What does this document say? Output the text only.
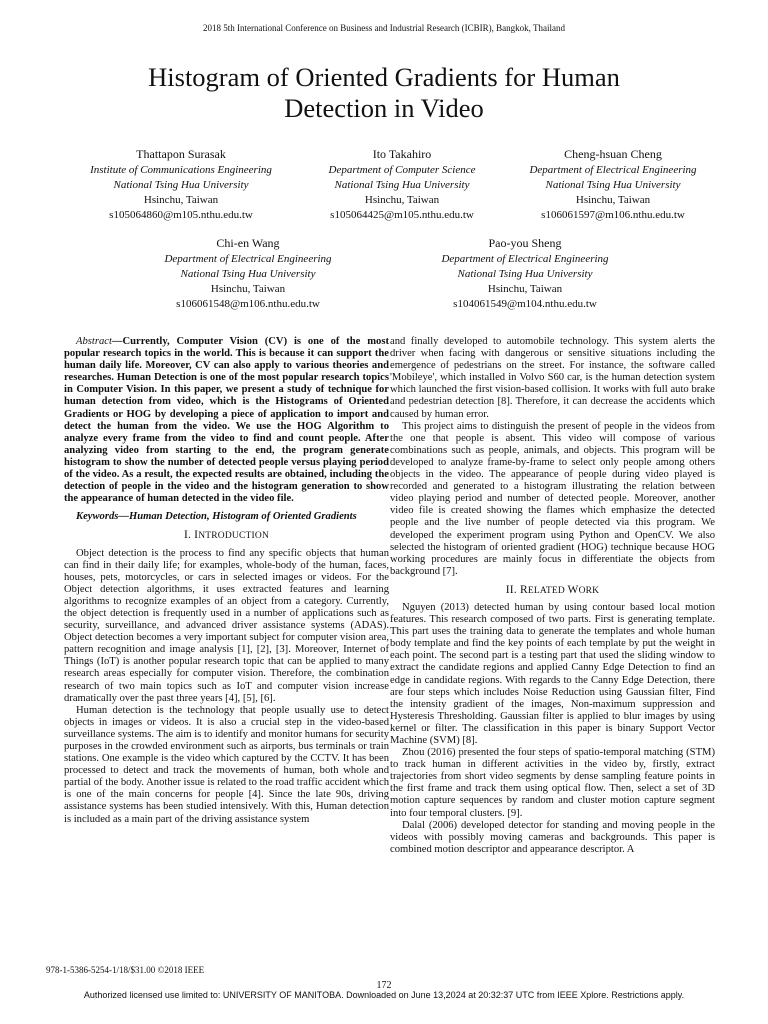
2018 5th International Conference on Business and Industrial Research (ICBIR), Bangkok, Thailand
Histogram of Oriented Gradients for Human
Detection in Video
Thattapon Surasak
Institute of Communications Engineering
National Tsing Hua University
Hsinchu, Taiwan
s105064860@m105.nthu.edu.tw
Ito Takahiro
Department of Computer Science
National Tsing Hua University
Hsinchu, Taiwan
s105064425@m105.nthu.edu.tw
Cheng-hsuan Cheng
Department of Electrical Engineering
National Tsing Hua University
Hsinchu, Taiwan
s106061597@m106.nthu.edu.tw
Chi-en Wang
Department of Electrical Engineering
National Tsing Hua University
Hsinchu, Taiwan
s106061548@m106.nthu.edu.tw
Pao-you Sheng
Department of Electrical Engineering
National Tsing Hua University
Hsinchu, Taiwan
s104061549@m104.nthu.edu.tw

Abstract—Currently, Computer Vision (CV) is one of the most popular research topics in the world. This is because it can support the human daily life. Moreover, CV can also apply to various theories and researches. Human Detection is one of the most popular research topics in Computer Vision. In this paper, we present a study of technique for human detection from video, which is the Histograms of Oriented Gradients or HOG by developing a piece of application to import and detect the human from the video. We use the HOG Algorithm to analyze every frame from the video to find and count people. After analyzing video from starting to the end, the program generate histogram to show the number of detected people versus playing period of the video. As a result, the expected results are obtained, including the detection of people in the video and the histogram generation to show the appearance of human detected in the video file.

Keywords—Human Detection, Histogram of Oriented Gradients

I. INTRODUCTION

Object detection is the process to find any specific objects that human can find in their daily life; for examples, whole-body of the human, faces, houses, pets, motorcycles, or cars in selected images or videos. For the Object detection algorithms, it uses extracted features and learning algorithms to recognize examples of an object from a category. Currently, the object detection is frequently used in a number of applications such as security, surveillance, and advanced driver assistance systems (ADAS). Object detection becomes a very important subject for computer vision area, pattern recognition and image analysis [1], [2], [3]. Moreover, Internet of Things (IoT) is another popular research topic that can be applied to many research areas especially for computer vision. Therefore, the combination research of two main topics such as IoT and computer vision increase dramatically over the past three years [4], [5], [6].

Human detection is the technology that people usually use to detect objects in images or videos. It is also a crucial step in the video-based surveillance systems. The aim is to identify and monitor humans for security purposes in the crowded environment such as airports, bus terminals or train stations. One example is the video which captured by the CCTV. It has been processed to detect and track the movements of human, both whole and partial of the body. Another issue is related to the road traffic accident which is one of the main concerns for people [4]. Since the late 90s, driving assistance systems has been studied intensively. With this, Human detection is included as a main part of the driving assistance system

and finally developed to automobile technology. This system alerts the driver when facing with dangerous or sensitive situations including the emergence of pedestrians on the street. For instance, the software called 'Mobileye', which installed in Volvo S60 car, is the human detection system which launched the first vision-based collision. It works with full auto brake and pedestrian detection [8]. Therefore, it can decrease the accidents which caused by human error.

This project aims to distinguish the present of people in the videos from the one that people is absent. This video will compose of various combinations such as people, animals, and objects. This program will be developed to analyze frame-by-frame to select only people among others objects in the video. The appearance of people during video played is recorded and generated to a histogram illustrating the relation between video playing period and number of detected people. Moreover, another video file is created showing the flames which emphasize the detected people and the live number of people detected via this program. We developed the experiment program using Python and OpenCV. We also selected the histogram of oriented gradient (HOG) technique because HOG working procedures are mainly focus in differentiate the objects from background [7].

II. RELATED WORK

Nguyen (2013) detected human by using contour based local motion features. This research composed of two parts. First is generating template. This part uses the training data to generate the templates and whole human body template and find the key points of each template by put the weight in each point. The second part is a testing part that used the sliding window to extract the candidate regions and applied Canny Edge Detection to find an edge in candidate regions. With regards to the Canny Edge Detection, there are four steps which includes Noise Reduction using Gaussian filter, Find the intensity gradient of the images, Non-maximum suppression and Hysteresis Thresholding. Gaussian filter is applied to blur images by using kernel or filter. The classification in this paper is binary Support Vector Machine (SVM) [8].

Zhou (2016) presented the four steps of spatio-temporal matching (STM) to track human in different activities in the video by, firstly, extract trajectories from short video segments by dense sampling feature points in the first frame and track them using optical flow. Then, select a set of 3D motion capture sequences by random and cluster motion capture segment into four temporal clusters. [9].

Dalal (2006) developed detector for standing and moving people in the videos with possibly moving cameras and backgrounds. This paper is combined motion descriptor and appearance descriptor. A

978-1-5386-5254-1/18/$31.00 ©2018 IEEE
172
Authorized licensed use limited to: UNIVERSITY OF MANITOBA. Downloaded on June 13,2024 at 20:32:37 UTC from IEEE Xplore. Restrictions apply.
